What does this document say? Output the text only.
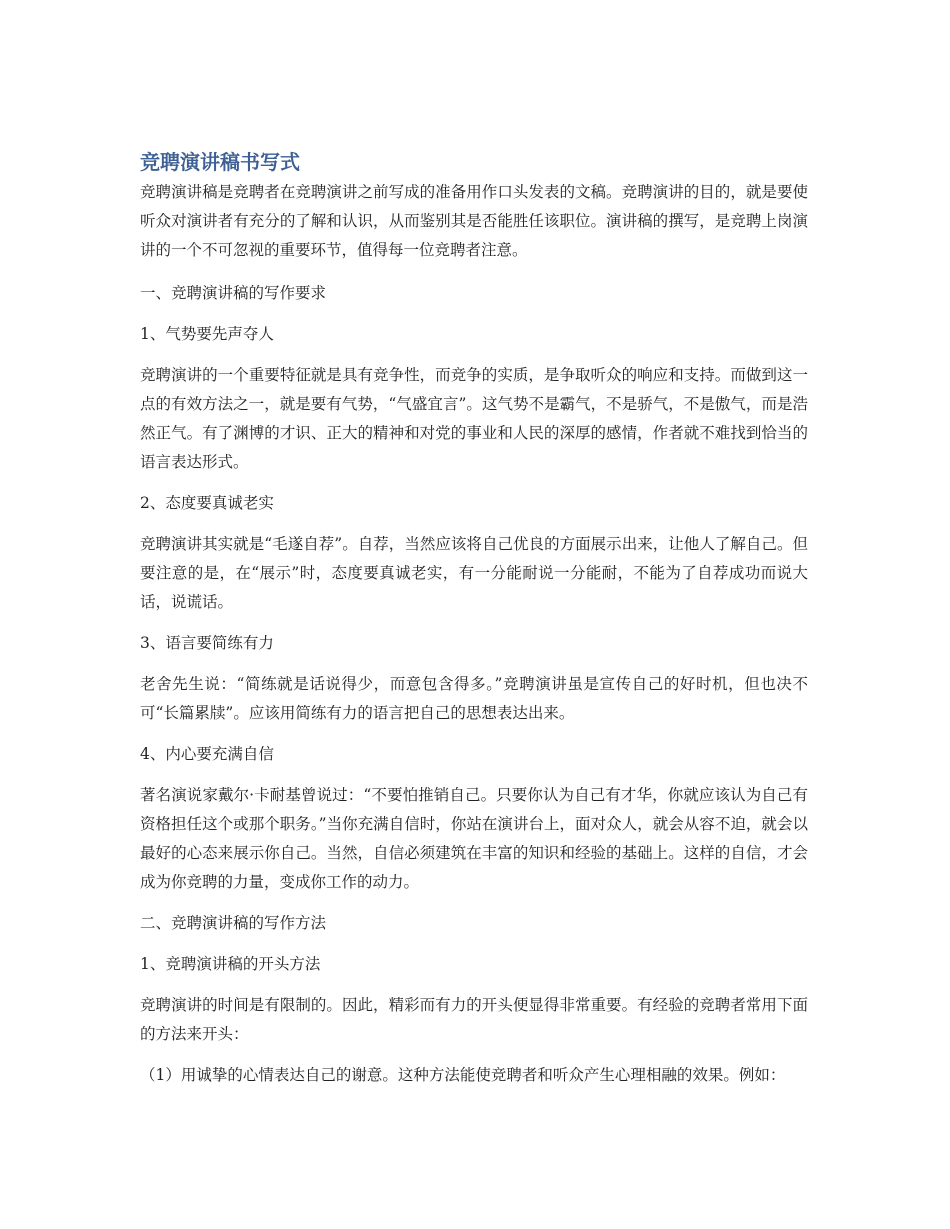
竞聘演讲稿书写式

竞聘演讲稿是竞聘者在竞聘演讲之前写成的准备用作口头发表的文稿。竞聘演讲的目的，就是要使听众对演讲者有充分的了解和认识，从而鉴别其是否能胜任该职位。演讲稿的撰写，是竞聘上岗演讲的一个不可忽视的重要环节，值得每一位竞聘者注意。

一、竞聘演讲稿的写作要求

1、气势要先声夺人

竞聘演讲的一个重要特征就是具有竞争性，而竞争的实质，是争取听众的响应和支持。而做到这一点的有效方法之一，就是要有气势，“气盛宜言”。这气势不是霸气，不是骄气，不是傲气，而是浩然正气。有了渊博的才识、正大的精神和对党的事业和人民的深厚的感情，作者就不难找到恰当的语言表达形式。

2、态度要真诚老实

竞聘演讲其实就是“毛遂自荐”。自荐，当然应该将自己优良的方面展示出来，让他人了解自己。但要注意的是，在“展示”时，态度要真诚老实，有一分能耐说一分能耐，不能为了自荐成功而说大话，说谎话。

3、语言要简练有力

老舍先生说：“简练就是话说得少，而意包含得多。”竞聘演讲虽是宣传自己的好时机，但也决不可“长篇累牍”。应该用简练有力的语言把自己的思想表达出来。

4、内心要充满自信

著名演说家戴尔·卡耐基曾说过：“不要怕推销自己。只要你认为自己有才华，你就应该认为自己有资格担任这个或那个职务。”当你充满自信时，你站在演讲台上，面对众人，就会从容不迫，就会以最好的心态来展示你自己。当然，自信必须建筑在丰富的知识和经验的基础上。这样的自信，才会成为你竞聘的力量，变成你工作的动力。

二、竞聘演讲稿的写作方法

1、竞聘演讲稿的开头方法

竞聘演讲的时间是有限制的。因此，精彩而有力的开头便显得非常重要。有经验的竞聘者常用下面的方法来开头：

（1）用诚挚的心情表达自己的谢意。这种方法能使竞聘者和听众产生心理相融的效果。例如：
